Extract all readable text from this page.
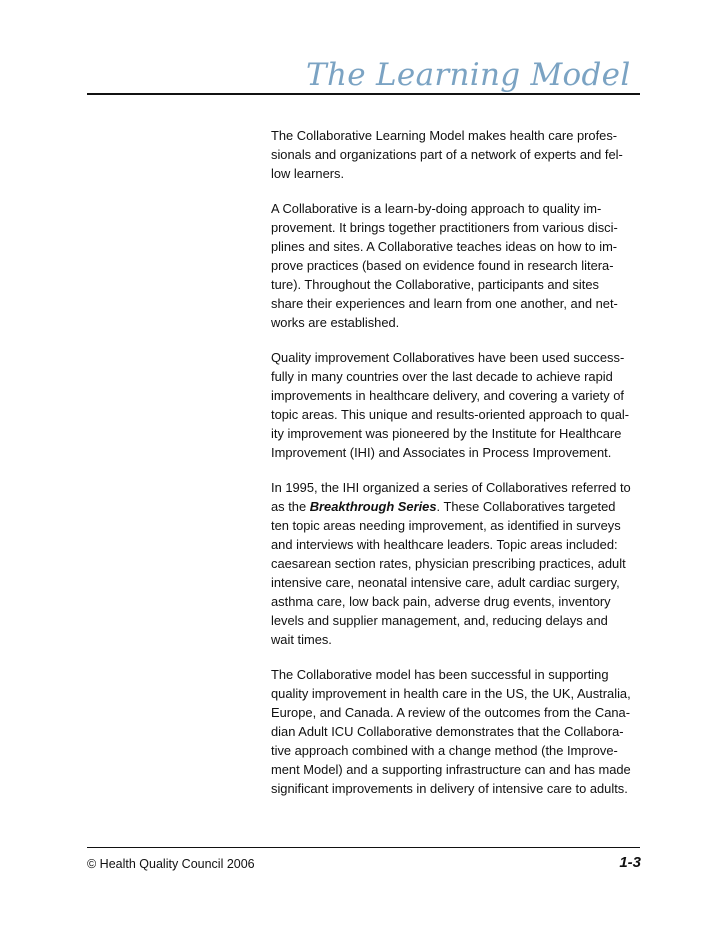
The Learning Model

The Collaborative Learning Model makes health care profes-
sionals and organizations part of a network of experts and fel-
low learners.

A Collaborative is a learn-by-doing approach to quality im-
provement. It brings together practitioners from various disci-
plines and sites. A Collaborative teaches ideas on how to im-
prove practices (based on evidence found in research litera-
ture). Throughout the Collaborative, participants and sites
share their experiences and learn from one another, and net-
works are established.

Quality improvement Collaboratives have been used success-
fully in many countries over the last decade to achieve rapid
improvements in healthcare delivery, and covering a variety of
topic areas. This unique and results-oriented approach to qual-
ity improvement was pioneered by the Institute for Healthcare
Improvement (IHI) and Associates in Process Improvement.

In 1995, the IHI organized a series of Collaboratives referred to
as the Breakthrough Series. These Collaboratives targeted
ten topic areas needing improvement, as identified in surveys
and interviews with healthcare leaders. Topic areas included:
caesarean section rates, physician prescribing practices, adult
intensive care, neonatal intensive care, adult cardiac surgery,
asthma care, low back pain, adverse drug events, inventory
levels and supplier management, and, reducing delays and
wait times.

The Collaborative model has been successful in supporting
quality improvement in health care in the US, the UK, Australia,
Europe, and Canada. A review of the outcomes from the Cana-
dian Adult ICU Collaborative demonstrates that the Collabora-
tive approach combined with a change method (the Improve-
ment Model) and a supporting infrastructure can and has made
significant improvements in delivery of intensive care to adults.

© Health Quality Council 2006	1-3
